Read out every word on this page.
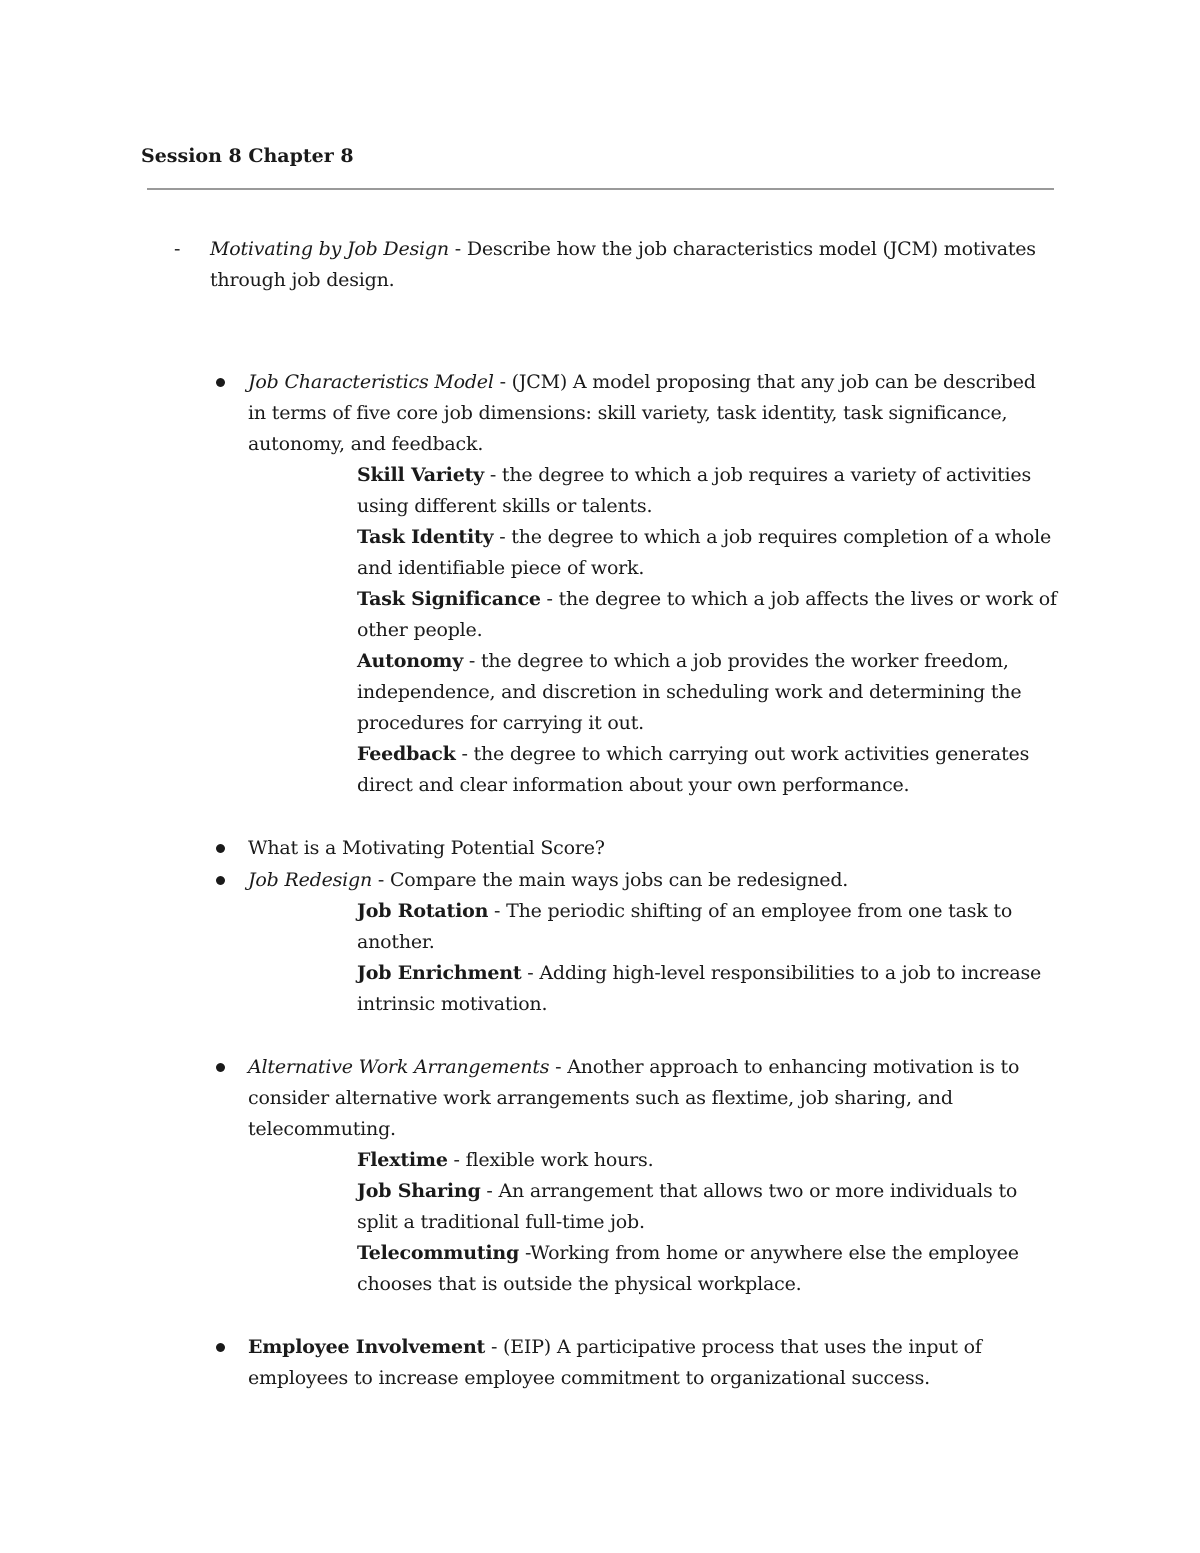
Session 8 Chapter 8
- Motivating by Job Design - Describe how the job characteristics model (JCM) motivates
through job design.
Job Characteristics Model - (JCM) A model proposing that any job can be described
in terms of five core job dimensions: skill variety, task identity, task significance,
autonomy, and feedback.
Skill Variety - the degree to which a job requires a variety of activities
using different skills or talents.
Task Identity - the degree to which a job requires completion of a whole
and identifiable piece of work.
Task Significance - the degree to which a job affects the lives or work of
other people.
Autonomy - the degree to which a job provides the worker freedom,
independence, and discretion in scheduling work and determining the
procedures for carrying it out.
Feedback - the degree to which carrying out work activities generates
direct and clear information about your own performance.
What is a Motivating Potential Score?
Job Redesign - Compare the main ways jobs can be redesigned.
Job Rotation - The periodic shifting of an employee from one task to
another.
Job Enrichment - Adding high-level responsibilities to a job to increase
intrinsic motivation.
Alternative Work Arrangements - Another approach to enhancing motivation is to
consider alternative work arrangements such as flextime, job sharing, and
telecommuting.
Flextime - flexible work hours.
Job Sharing - An arrangement that allows two or more individuals to
split a traditional full-time job.
Telecommuting -Working from home or anywhere else the employee
chooses that is outside the physical workplace.
Employee Involvement - (EIP) A participative process that uses the input of
employees to increase employee commitment to organizational success.
